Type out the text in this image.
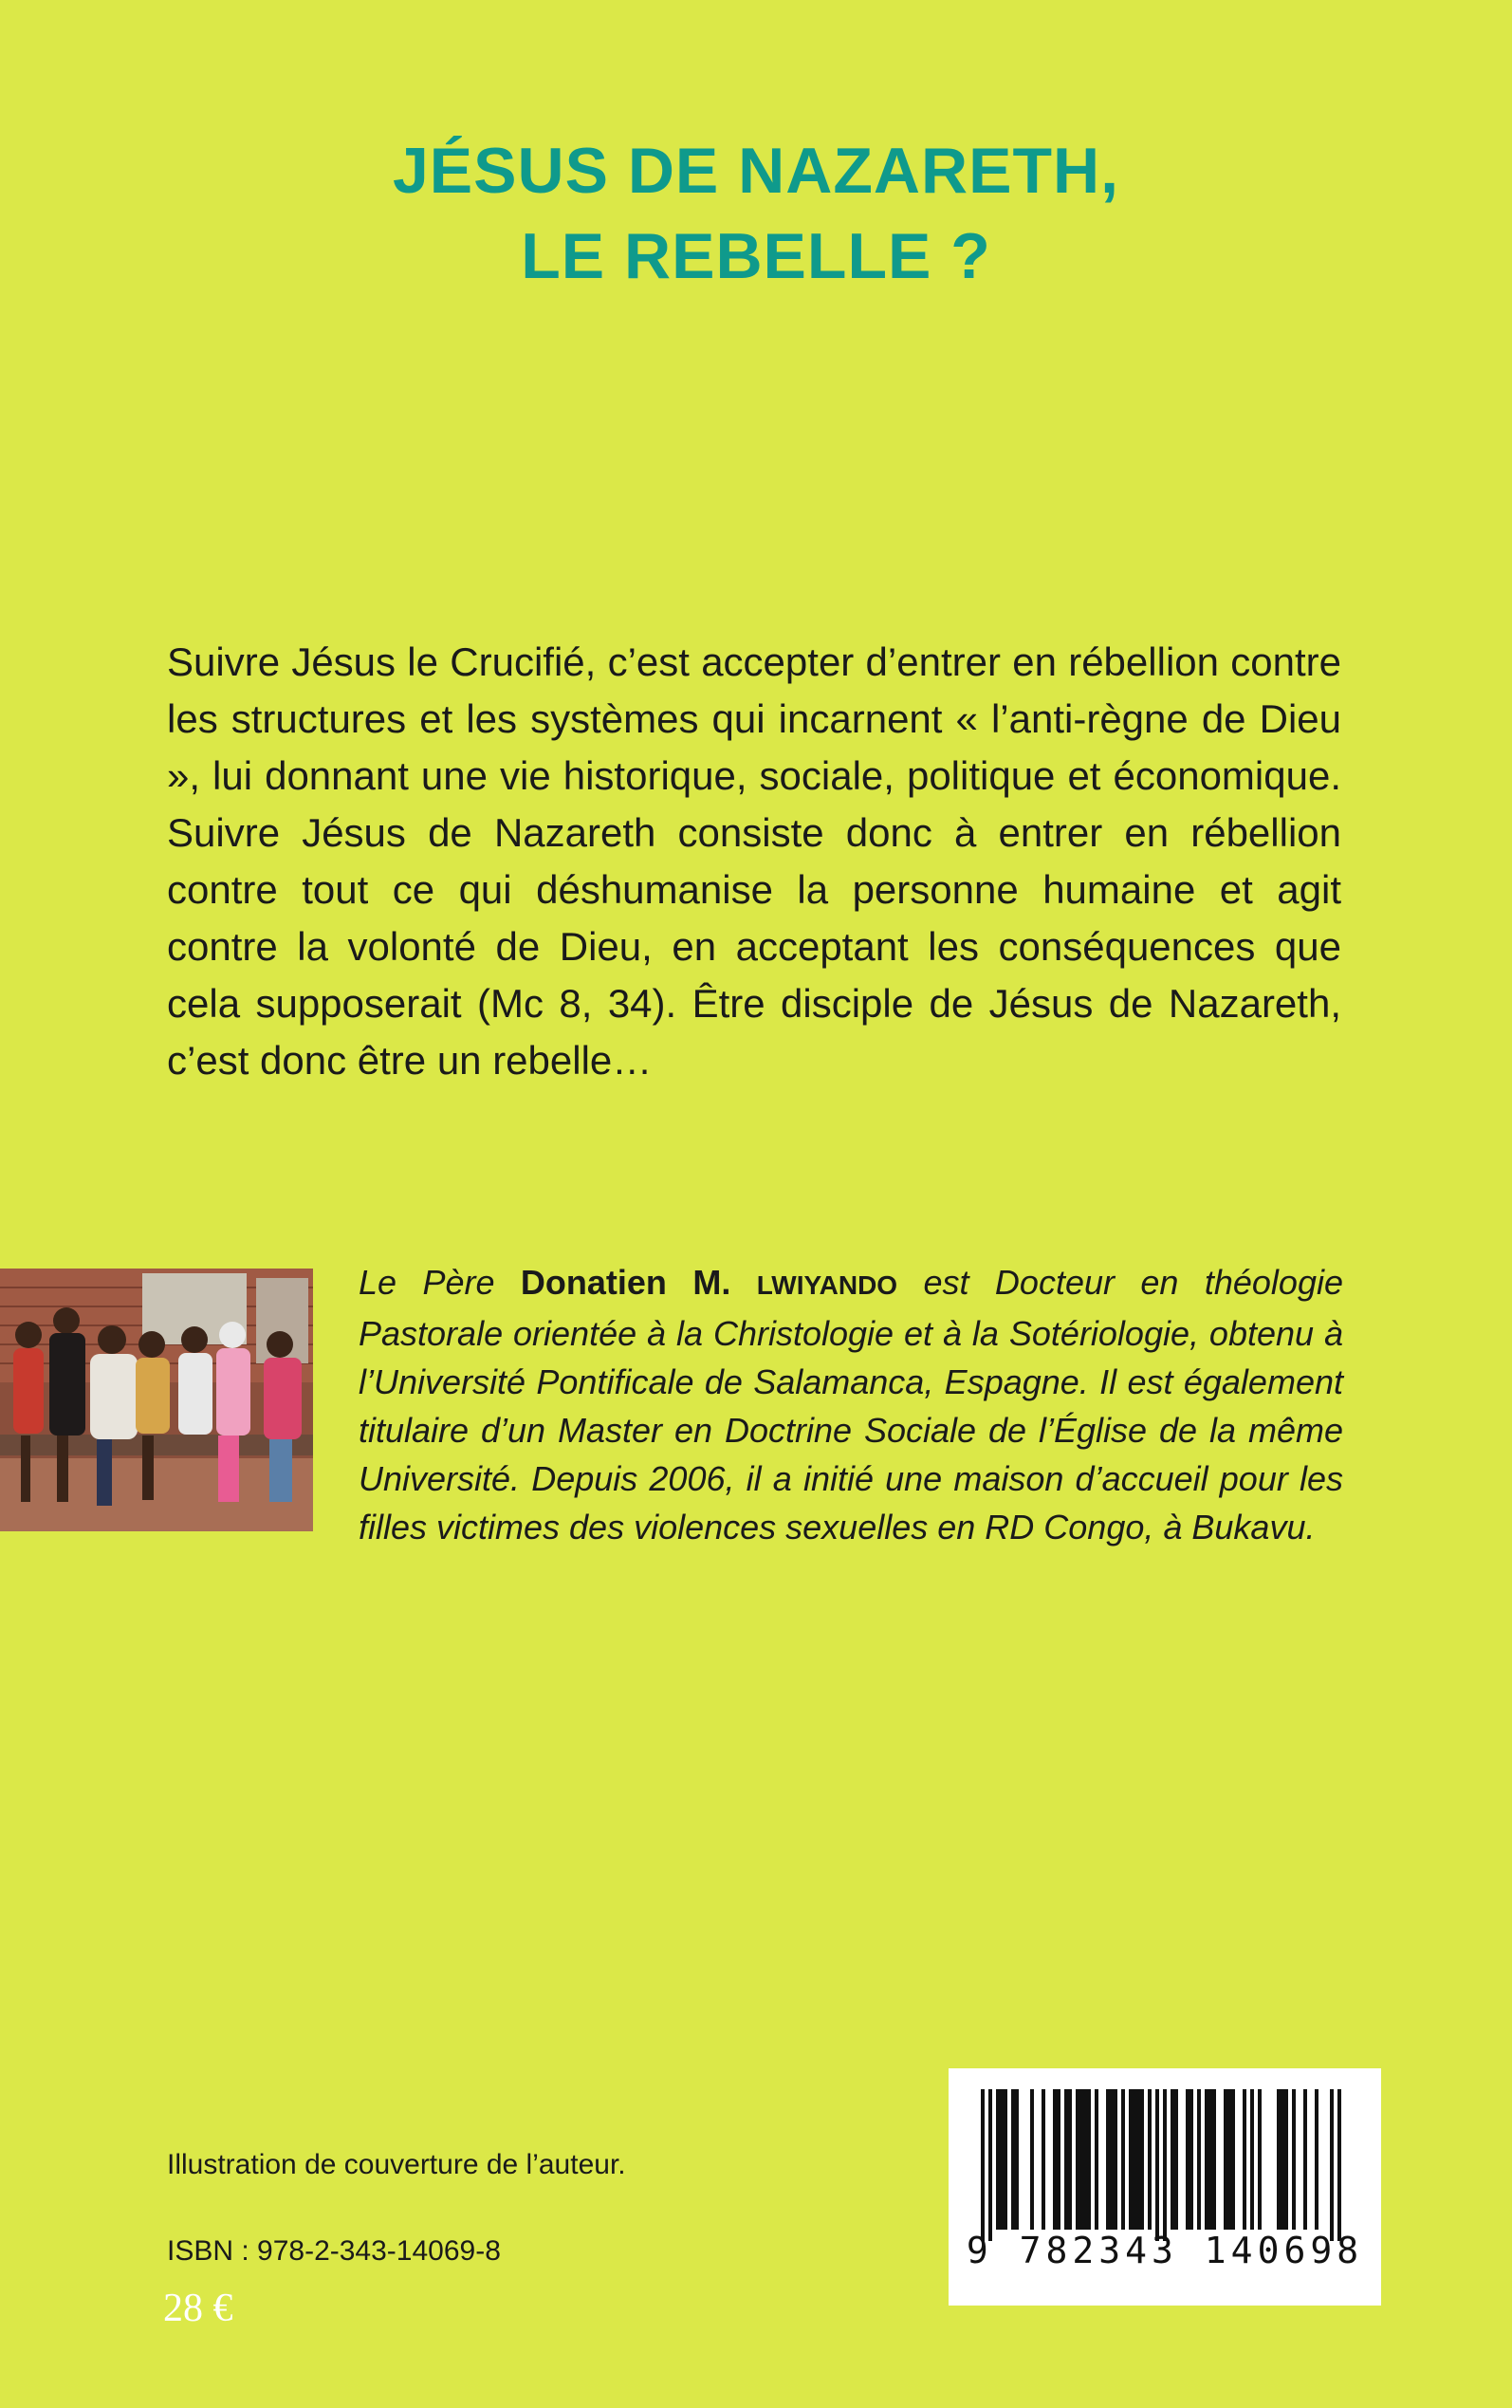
JÉSUS DE NAZARETH,
LE REBELLE ?

Suivre Jésus le Crucifié, c’est accepter d’entrer en rébellion contre les structures et les systèmes qui incarnent « l’anti-règne de Dieu », lui donnant une vie historique, sociale, politique et économique. Suivre Jésus de Nazareth consiste donc à entrer en rébellion contre tout ce qui déshumanise la personne humaine et agit contre la volonté de Dieu, en acceptant les conséquences que cela supposerait (Mc 8, 34). Être disciple de Jésus de Nazareth, c’est donc être un rebelle…

Le Père Donatien M. LWIYANDO est Docteur en théologie Pastorale orientée à la Christologie et à la Sotériologie, obtenu à l’Université Pontificale de Salamanca, Espagne. Il est également titulaire d’un Master en Doctrine Sociale de l’Église de la même Université. Depuis 2006, il a initié une maison d’accueil pour les filles victimes des violences sexuelles en RD Congo, à Bukavu.

Illustration de couverture de l’auteur.
ISBN : 978-2-343-14069-8
28 €
9 782343 140698
